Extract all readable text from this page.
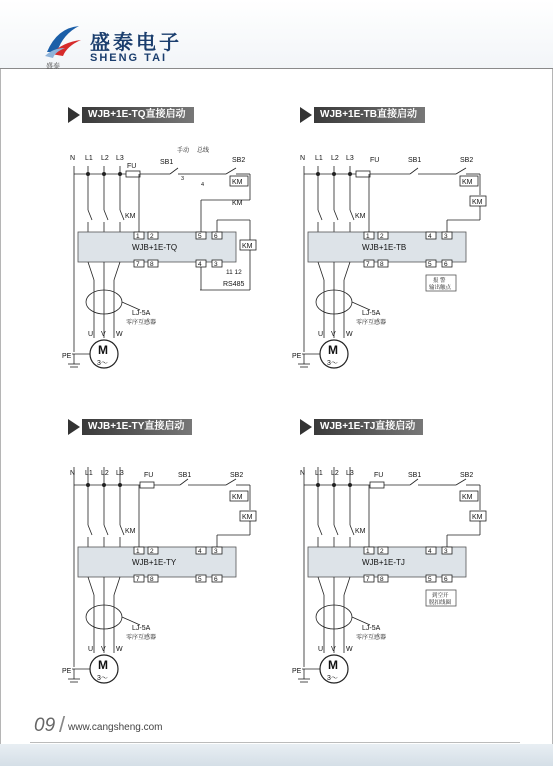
盛泰电子
SHENG TAI
盛泰
WJB+1E-TQ直接启动	WJB+1E-TB直接启动
WJB+1E-TY直接启动	WJB+1E-TJ直接启动
N L1 L2 L3
KM
WJB+1E-TQ
1 2	5 6
7 8	4 3
FU
SB1
手动 总线
3
4
SB2
KM
KM
KM
11 12
RS485
LJ-5A
零序互感器
U V W
M
3～
PE
N L1 L2 L3
KM
WJB+1E-TB
1 2	4 3
7 8	5 6
FU	SB1	SB2
KM
KM
报 警
输出触点
LJ-5A
零序互感器
U V W
M
3～
PE
N L1 L2 L3
KM
WJB+1E-TY
1 2	4 3
7 8	5 6
FU	SB1	SB2
KM
KM
LJ-5A
零序互感器
U V W
M
3～
PE
N L1 L2 L3
KM
WJB+1E-TJ
1 2	4 3
7 8	5 6
FU	SB1	SB2
KM
KM
到空开
脱扣线圈
LJ-5A
零序互感器
U V W
M
3～
PE
09 / www.cangsheng.com
